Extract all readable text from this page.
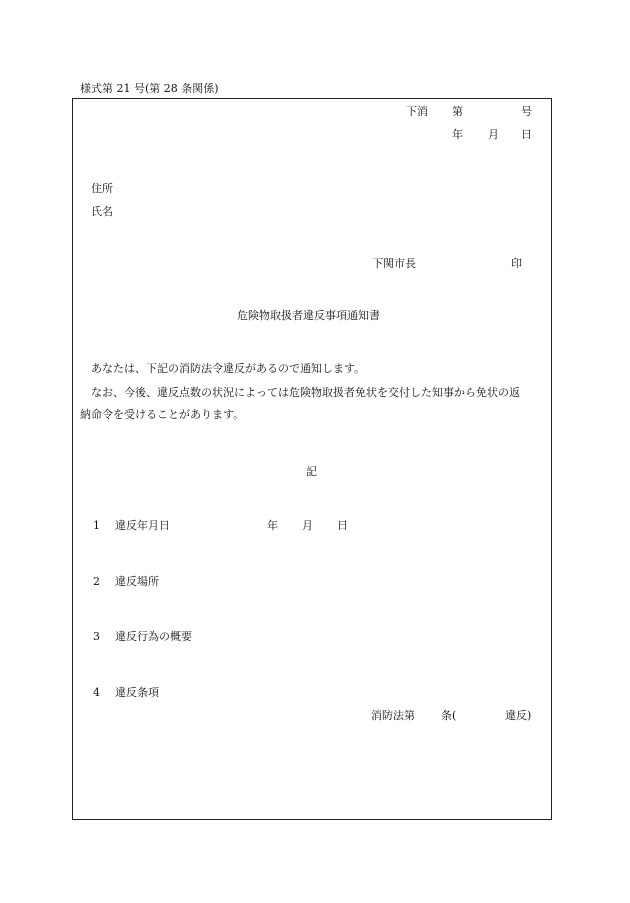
様式第 21 号(第 28 条関係)
下消 第	号
年 月 日
住所
氏名
下関市長	印
危険物取扱者違反事項通知書
あなたは、下記の消防法令違反があるので通知します。
なお、今後、違反点数の状況によっては危険物取扱者免状を交付した知事から免状の返
納命令を受けることがあります。
記
1 違反年月日	年 月 日
2 違反場所
3 違反行為の概要
4 違反条項
消防法第 条(	違反)
